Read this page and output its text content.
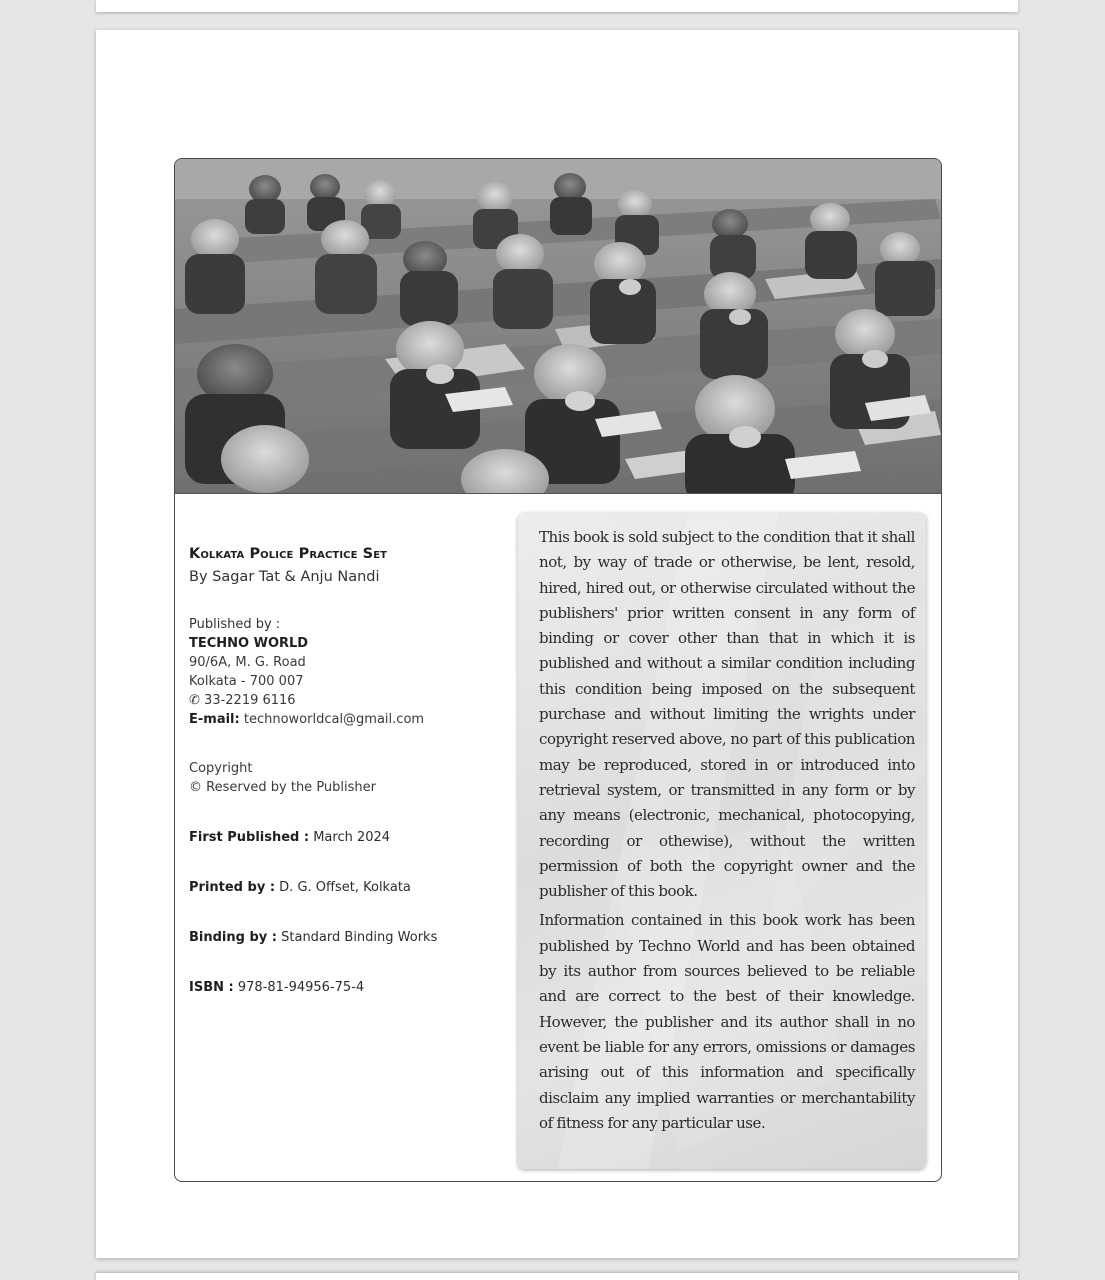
Kolkata Police Practice Set
By Sagar Tat & Anju Nandi
Published by :
TECHNO WORLD
90/6A, M. G. Road
Kolkata - 700 007
✆ 33-2219 6116
E-mail: technoworldcal@gmail.com
Copyright
© Reserved by the Publisher
First Published : March 2024
Printed by : D. G. Offset, Kolkata
Binding by : Standard Binding Works
ISBN : 978-81-94956-75-4

This book is sold subject to the condition that it shall not, by way of trade or otherwise, be lent, resold, hired, hired out, or otherwise circulated without the publishers' prior written consent in any form of binding or cover other than that in which it is published and without a similar condition including this condition being imposed on the subsequent purchase and without limiting the wrights under copyright reserved above, no part of this publication may be reproduced, stored in or introduced into retrieval system, or transmitted in any form or by any means (electronic, mechanical, photocopying, recording or othewise), without the written permission of both the copyright owner and the publisher of this book.

Information contained in this book work has been published by Techno World and has been obtained by its author from sources believed to be reliable and are correct to the best of their knowledge. However, the publisher and its author shall in no event be liable for any errors, omissions or damages arising out of this information and specifically disclaim any implied warranties or merchantability of fitness for any particular use.
